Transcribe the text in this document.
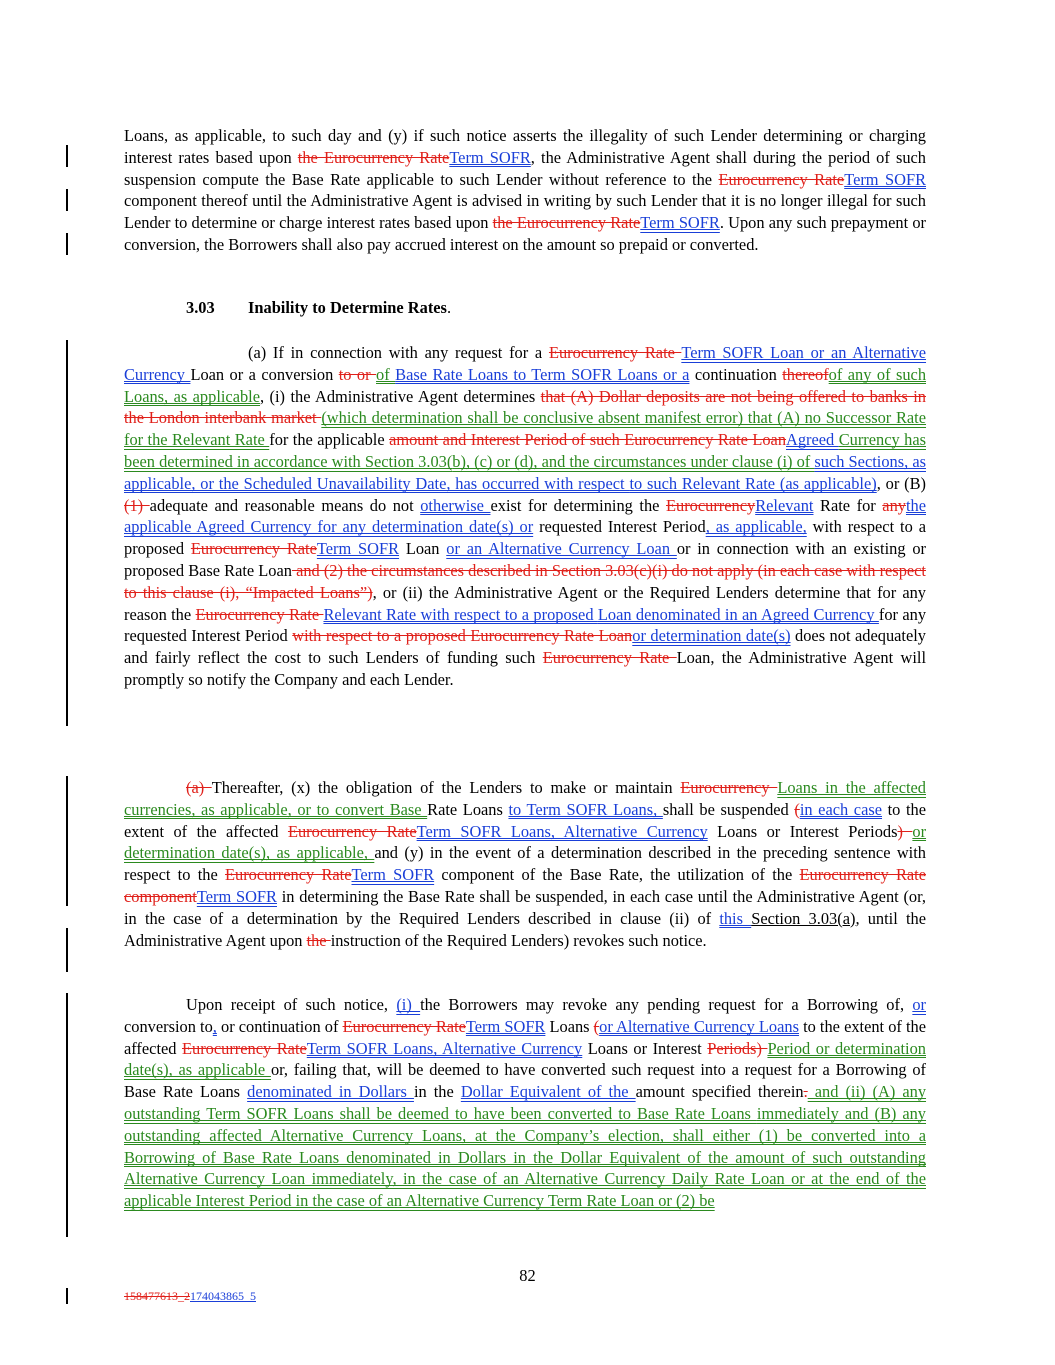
Loans, as applicable, to such day and (y) if such notice asserts the illegality of such Lender determining or charging interest rates based upon the Eurocurrency RateTerm SOFR, the Administrative Agent shall during the period of such suspension compute the Base Rate applicable to such Lender without reference to the Eurocurrency RateTerm SOFR component thereof until the Administrative Agent is advised in writing by such Lender that it is no longer illegal for such Lender to determine or charge interest rates based upon the Eurocurrency RateTerm SOFR. Upon any such prepayment or conversion, the Borrowers shall also pay accrued interest on the amount so prepaid or converted.
3.03 Inability to Determine Rates.
(a) If in connection with any request for a Eurocurrency Rate Term SOFR Loan or an Alternative Currency Loan or a conversion to or of Base Rate Loans to Term SOFR Loans or a continuation thereofof any of such Loans, as applicable, (i) the Administrative Agent determines that (A) Dollar deposits are not being offered to banks in the London interbank market (which determination shall be conclusive absent manifest error) that (A) no Successor Rate for the Relevant Rate for the applicable amount and Interest Period of such Eurocurrency Rate LoanAgreed Currency has been determined in accordance with Section 3.03(b), (c) or (d), and the circumstances under clause (i) of such Sections, as applicable, or the Scheduled Unavailability Date, has occurred with respect to such Relevant Rate (as applicable), or (B) (1) adequate and reasonable means do not otherwise exist for determining the EurocurrencyRelevant Rate for anythe applicable Agreed Currency for any determination date(s) or requested Interest Period, as applicable, with respect to a proposed Eurocurrency RateTerm SOFR Loan or an Alternative Currency Loan or in connection with an existing or proposed Base Rate Loan and (2) the circumstances described in Section 3.03(c)(i) do not apply (in each case with respect to this clause (i), “Impacted Loans”), or (ii) the Administrative Agent or the Required Lenders determine that for any reason the Eurocurrency Rate Relevant Rate with respect to a proposed Loan denominated in an Agreed Currency for any requested Interest Period with respect to a proposed Eurocurrency Rate Loanor determination date(s) does not adequately and fairly reflect the cost to such Lenders of funding such Eurocurrency Rate Loan, the Administrative Agent will promptly so notify the Company and each Lender.
(a) Thereafter, (x) the obligation of the Lenders to make or maintain Eurocurrency Loans in the affected currencies, as applicable, or to convert Base Rate Loans to Term SOFR Loans, shall be suspended (in each case to the extent of the affected Eurocurrency RateTerm SOFR Loans, Alternative Currency Loans or Interest Periods) or determination date(s), as applicable, and (y) in the event of a determination described in the preceding sentence with respect to the Eurocurrency RateTerm SOFR component of the Base Rate, the utilization of the Eurocurrency Rate componentTerm SOFR in determining the Base Rate shall be suspended, in each case until the Administrative Agent (or, in the case of a determination by the Required Lenders described in clause (ii) of this Section 3.03(a), until the Administrative Agent upon the instruction of the Required Lenders) revokes such notice.
Upon receipt of such notice, (i) the Borrowers may revoke any pending request for a Borrowing of, or conversion to, or continuation of Eurocurrency RateTerm SOFR Loans (or Alternative Currency Loans to the extent of the affected Eurocurrency RateTerm SOFR Loans, Alternative Currency Loans or Interest Periods) Period or determination date(s), as applicable or, failing that, will be deemed to have converted such request into a request for a Borrowing of Base Rate Loans denominated in Dollars in the Dollar Equivalent of the amount specified therein. and (ii) (A) any outstanding Term SOFR Loans shall be deemed to have been converted to Base Rate Loans immediately and (B) any outstanding affected Alternative Currency Loans, at the Company’s election, shall either (1) be converted into a Borrowing of Base Rate Loans denominated in Dollars in the Dollar Equivalent of the amount of such outstanding Alternative Currency Loan immediately, in the case of an Alternative Currency Daily Rate Loan or at the end of the applicable Interest Period in the case of an Alternative Currency Term Rate Loan or (2) be
82
158477613_2174043865_5
